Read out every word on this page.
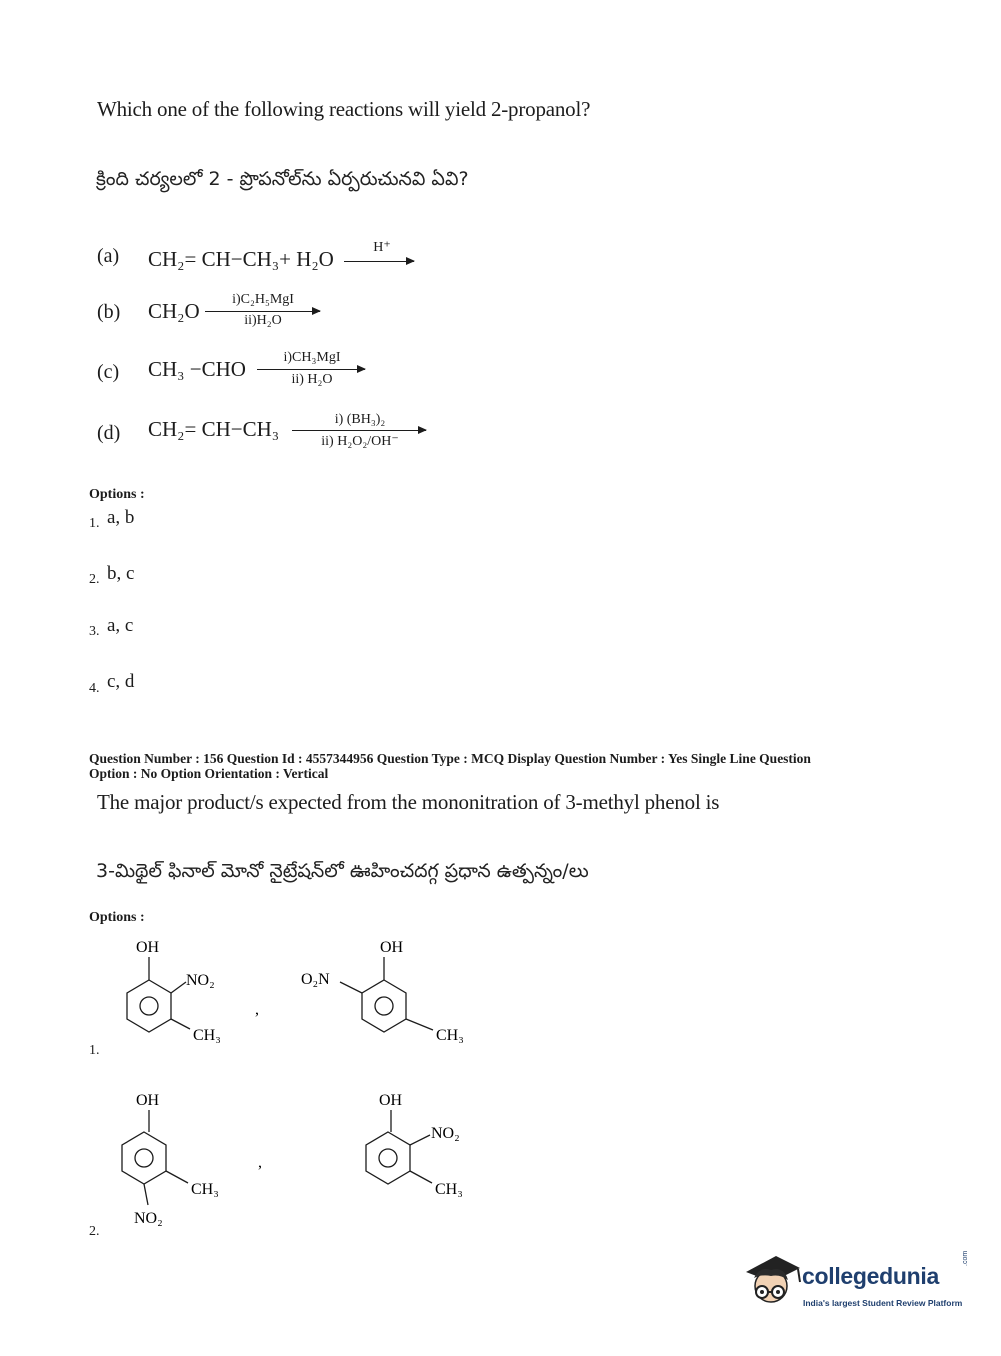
Which one of the following reactions will yield 2-propanol?
క్రింది చర్యలలో 2 - ప్రొపనోల్‌ను ఏర్పరుచునవి ఏవి?
(a) CH₂= CH−CH₃+ H₂O	H⁺
(b) CH₂O	i)C₂H₅MgI
ii)H₂O
(c) CH₃ −CHO	i)CH₃MgI
ii) H₂O
(d) CH₂= CH−CH₃	i) (BH₃)₂
ii) H₂O₂/OH⁻
Options :
1. a, b
2. b, c
3. a, c
4. c, d
Question Number : 156 Question Id : 4557344956 Question Type : MCQ Display Question Number : Yes Single Line Question
Option : No Option Orientation : Vertical
The major product/s expected from the mononitration of 3-methyl phenol is
3-మిథైల్ ఫినాల్ మోనో నైట్రేషన్‌లో ఊహించదగ్గ ప్రధాన ఉత్పన్నం/లు
Options :
OH
NO₂
CH₃
,
O₂N
OH
CH₃
1.
OH
CH₃
NO₂
,
OH
NO₂
CH₃
2.
collegedunia
.com
India's largest Student Review Platform
